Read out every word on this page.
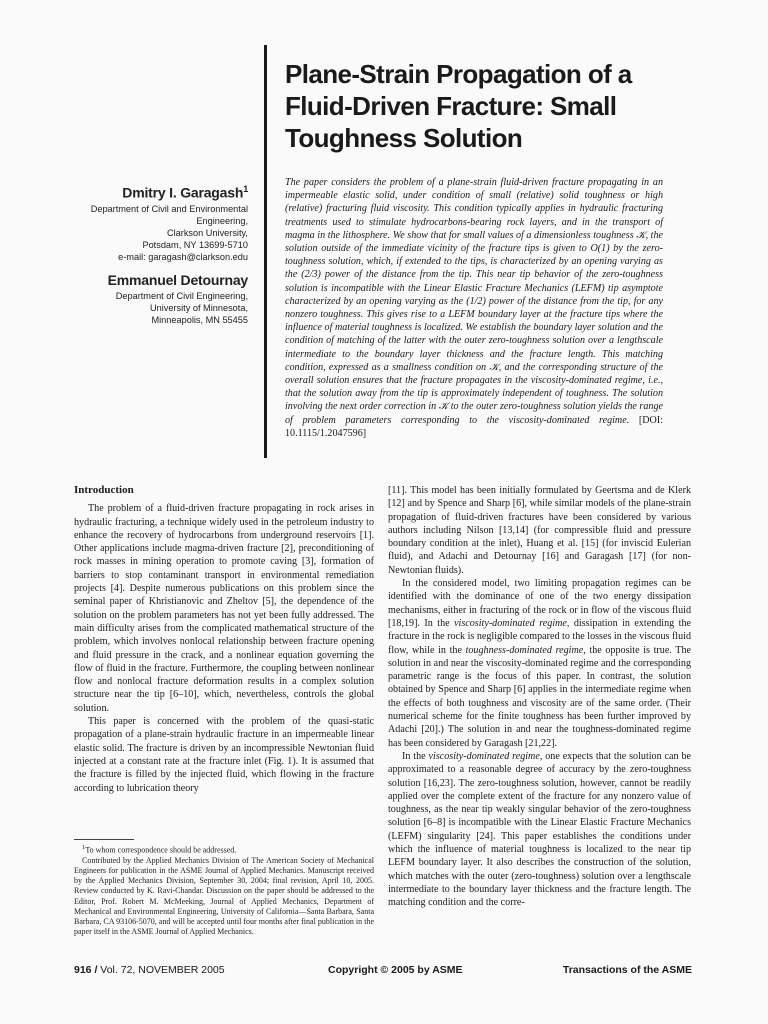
Plane-Strain Propagation of a
Fluid-Driven Fracture: Small
Toughness Solution
Dmitry I. Garagash$^1$
Department of Civil and Environmental
Engineering,
Clarkson University,
Potsdam, NY 13699-5710
e-mail: garagash@clarkson.edu
Emmanuel Detournay
Department of Civil Engineering,
University of Minnesota,
Minneapolis, MN 55455

The paper considers the problem of a plane-strain fluid-driven fracture propagating in an impermeable elastic solid, under condition of small (relative) solid toughness or high (relative) fracturing fluid viscosity. This condition typically applies in hydraulic fracturing treatments used to stimulate hydrocarbons-bearing rock layers, and in the transport of magma in the lithosphere. We show that for small values of a dimensionless toughness 𝒦, the solution outside of the immediate vicinity of the fracture tips is given to O(1) by the zero-toughness solution, which, if extended to the tips, is characterized by an opening varying as the (2/3) power of the distance from the tip. This near tip behavior of the zero-toughness solution is incompatible with the Linear Elastic Fracture Mechanics (LEFM) tip asymptote characterized by an opening varying as the (1/2) power of the distance from the tip, for any nonzero toughness. This gives rise to a LEFM boundary layer at the fracture tips where the influence of material toughness is localized. We establish the boundary layer solution and the condition of matching of the latter with the outer zero-toughness solution over a lengthscale intermediate to the boundary layer thickness and the fracture length. This matching condition, expressed as a smallness condition on 𝒦, and the corresponding structure of the overall solution ensures that the fracture propagates in the viscosity-dominated regime, i.e., that the solution away from the tip is approximately independent of toughness. The solution involving the next order correction in 𝒦 to the outer zero-toughness solution yields the range of problem parameters corresponding to the viscosity-dominated regime. [DOI: 10.1115/1.2047596]

Introduction

The problem of a fluid-driven fracture propagating in rock arises in hydraulic fracturing, a technique widely used in the petroleum industry to enhance the recovery of hydrocarbons from underground reservoirs [1]. Other applications include magma-driven fracture [2], preconditioning of rock masses in mining operation to promote caving [3], formation of barriers to stop contaminant transport in environmental remediation projects [4]. Despite numerous publications on this problem since the seminal paper of Khristianovic and Zheltov [5], the dependence of the solution on the problem parameters has not yet been fully addressed. The main difficulty arises from the complicated mathematical structure of the problem, which involves nonlocal relationship between fracture opening and fluid pressure in the crack, and a nonlinear equation governing the flow of fluid in the fracture. Furthermore, the coupling between nonlinear flow and nonlocal fracture deformation results in a complex solution structure near the tip [6–10], which, nevertheless, controls the global solution.

This paper is concerned with the problem of the quasi-static propagation of a plane-strain hydraulic fracture in an impermeable linear elastic solid. The fracture is driven by an incompressible Newtonian fluid injected at a constant rate at the fracture inlet (Fig. 1). It is assumed that the fracture is filled by the injected fluid, which flowing in the fracture according to lubrication theory

[11]. This model has been initially formulated by Geertsma and de Klerk [12] and by Spence and Sharp [6], while similar models of the plane-strain propagation of fluid-driven fractures have been considered by various authors including Nilson [13,14] (for compressible fluid and pressure boundary condition at the inlet), Huang et al. [15] (for inviscid Eulerian fluid), and Adachi and Detournay [16] and Garagash [17] (for non-Newtonian fluids).

In the considered model, two limiting propagation regimes can be identified with the dominance of one of the two energy dissipation mechanisms, either in fracturing of the rock or in flow of the viscous fluid [18,19]. In the viscosity-dominated regime, dissipation in extending the fracture in the rock is negligible compared to the losses in the viscous fluid flow, while in the toughness-dominated regime, the opposite is true. The solution in and near the viscosity-dominated regime and the corresponding parametric range is the focus of this paper. In contrast, the solution obtained by Spence and Sharp [6] applies in the intermediate regime when the effects of both toughness and viscosity are of the same order. (Their numerical scheme for the finite toughness has been further improved by Adachi [20].) The solution in and near the toughness-dominated regime has been considered by Garagash [21,22].

In the viscosity-dominated regime, one expects that the solution can be approximated to a reasonable degree of accuracy by the zero-toughness solution [16,23]. The zero-toughness solution, however, cannot be readily applied over the complete extent of the fracture for any nonzero value of toughness, as the near tip weakly singular behavior of the zero-toughness solution [6–8] is incompatible with the Linear Elastic Fracture Mechanics (LEFM) singularity [24]. This paper establishes the conditions under which the influence of material toughness is localized to the near tip LEFM boundary layer. It also describes the construction of the solution, which matches with the outer (zero-toughness) solution over a lengthscale intermediate to the boundary layer thickness and the fracture length. The matching condition and the corre-

$^1$To whom correspondence should be addressed.

Contributed by the Applied Mechanics Division of The American Society of Mechanical Engineers for publication in the ASME Journal of Applied Mechanics. Manuscript received by the Applied Mechanics Division, September 30, 2004; final revision, April 10, 2005. Review conducted by K. Ravi-Chandar. Discussion on the paper should be addressed to the Editor, Prof. Robert M. McMeeking, Journal of Applied Mechanics, Department of Mechanical and Environmental Engineering, University of California—Santa Barbara, Santa Barbara, CA 93106-5070, and will be accepted until four months after final publication in the paper itself in the ASME Journal of Applied Mechanics.

916 / Vol. 72, NOVEMBER 2005	Copyright © 2005 by ASME	Transactions of the ASME
